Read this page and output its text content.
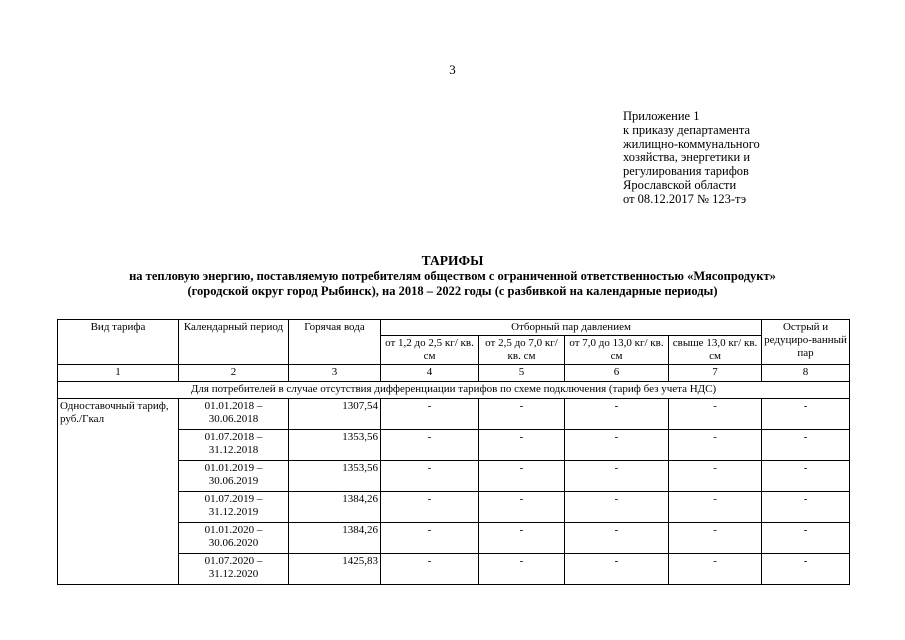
3
Приложение 1
к приказу департамента
жилищно-коммунального
хозяйства, энергетики и
регулирования тарифов
Ярославской области
от 08.12.2017 № 123-тэ
ТАРИФЫ
на тепловую энергию, поставляемую потребителям обществом с ограниченной ответственностью «Мясопродукт»
(городской округ город Рыбинск), на 2018 – 2022 годы (с разбивкой на календарные периоды)
Вид тарифа	Календарный период	Горячая вода	Отборный пар давлением				Острый и редуциро-ванный пар
			от 1,2 до 2,5 кг/ кв. см	от 2,5 до 7,0 кг/ кв. см	от 7,0 до 13,0 кг/ кв. см	свыше 13,0 кг/ кв. см	
1	2	3	4	5	6	7	8
Для потребителей в случае отсутствия дифференциации тарифов по схеме подключения (тариф без учета НДС)							
Одноставочный тариф, руб./Гкал	01.01.2018 – 30.06.2018	1307,54	-	-	-	-	-
	01.07.2018 – 31.12.2018	1353,56	-	-	-	-	-
	01.01.2019 – 30.06.2019	1353,56	-	-	-	-	-
	01.07.2019 – 31.12.2019	1384,26	-	-	-	-	-
	01.01.2020 – 30.06.2020	1384,26	-	-	-	-	-
	01.07.2020 – 31.12.2020	1425,83	-	-	-	-	-
